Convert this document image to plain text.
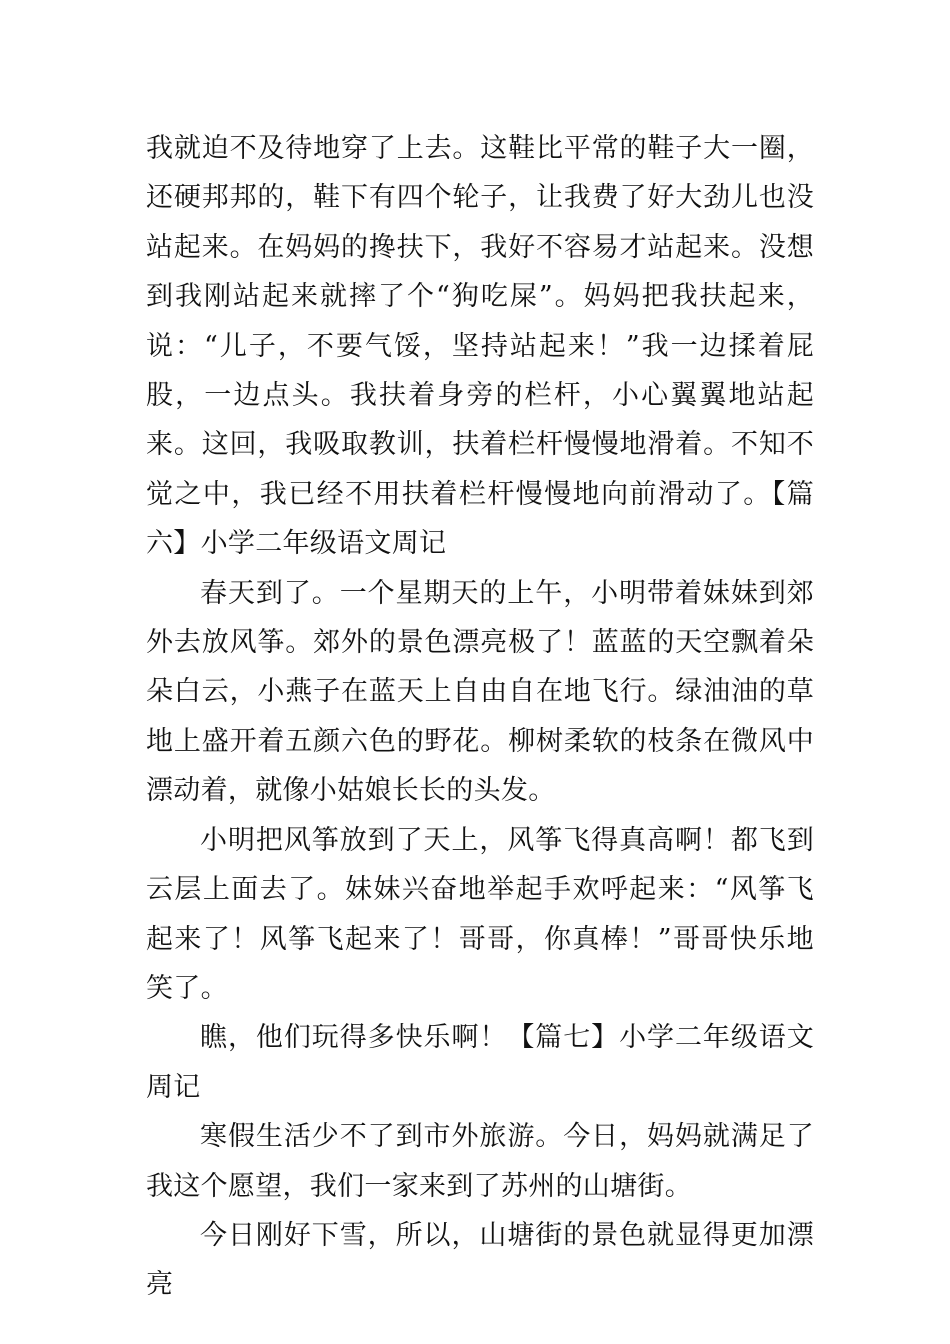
我就迫不及待地穿了上去。这鞋比平常的鞋子大一圈，还硬邦邦的，鞋下有四个轮子，让我费了好大劲儿也没站起来。在妈妈的搀扶下，我好不容易才站起来。没想到我刚站起来就摔了个“狗吃屎”。妈妈把我扶起来，说：“儿子，不要气馁，坚持站起来！”我一边揉着屁股，一边点头。我扶着身旁的栏杆，小心翼翼地站起来。这回，我吸取教训，扶着栏杆慢慢地滑着。不知不觉之中，我已经不用扶着栏杆慢慢地向前滑动了。【篇六】小学二年级语文周记

春天到了。一个星期天的上午，小明带着妹妹到郊外去放风筝。郊外的景色漂亮极了！蓝蓝的天空飘着朵朵白云，小燕子在蓝天上自由自在地飞行。绿油油的草地上盛开着五颜六色的野花。柳树柔软的枝条在微风中漂动着，就像小姑娘长长的头发。

小明把风筝放到了天上，风筝飞得真高啊！都飞到云层上面去了。妹妹兴奋地举起手欢呼起来：“风筝飞起来了！风筝飞起来了！哥哥，你真棒！”哥哥快乐地笑了。

瞧，他们玩得多快乐啊！【篇七】小学二年级语文周记

寒假生活少不了到市外旅游。今日，妈妈就满足了我这个愿望，我们一家来到了苏州的山塘街。

今日刚好下雪，所以，山塘街的景色就显得更加漂亮
